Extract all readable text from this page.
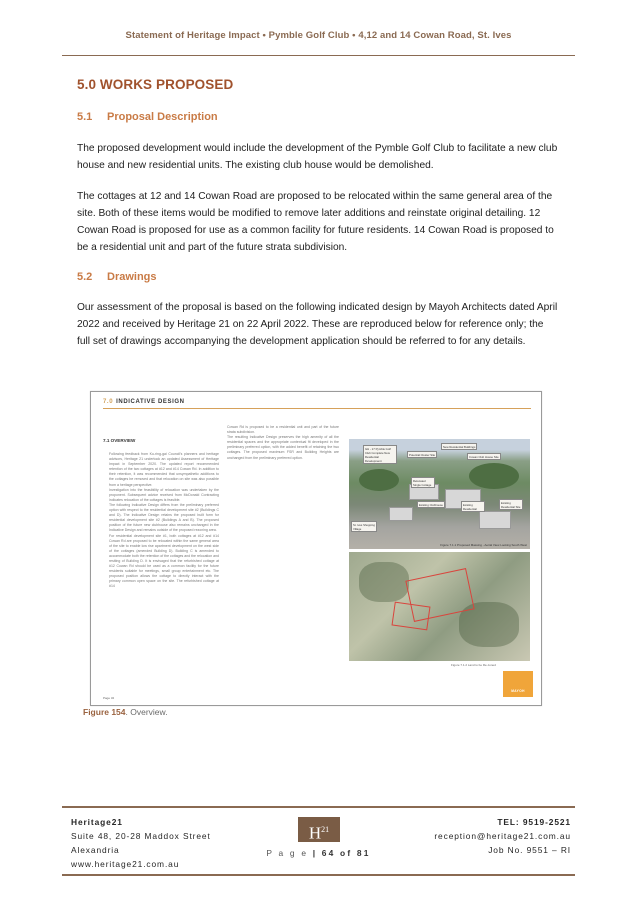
Statement of Heritage Impact • Pymble Golf Club • 4,12 and 14 Cowan Road, St. Ives
5.0 WORKS PROPOSED
5.1 Proposal Description
The proposed development would include the development of the Pymble Golf Club to facilitate a new club house and new residential units. The existing club house would be demolished.
The cottages at 12 and 14 Cowan Road are proposed to be relocated within the same general area of the site. Both of these items would be modified to remove later additions and reinstate original detailing. 12 Cowan Road is proposed for use as a common facility for future residents. 14 Cowan Road is proposed to be a residential unit and part of the future strata subdivision.
5.2 Drawings
Our assessment of the proposal is based on the following indicated design by Mayoh Architects dated April 2022 and received by Heritage 21 on 22 April 2022. These are reproduced below for reference only; the full set of drawings accompanying the development application should be referred to for any details.
7.0 INDICATIVE DESIGN
7.1 OVERVIEW
Following feedback from Ku-ring-gai Council's planners and heritage advisors, Heritage 21 undertook an updated Assessment of Heritage Impact in September 2020. The updated report recommended retention of the two cottages at #12 and #14 Cowan Rd. In addition to their retention, it was recommended that unsympathetic additions to the cottages be removed and that relocation on site was also possible from a heritage perspective.
Investigation into the feasibility of relocation was undertaken by the proponent. Subsequent advice received from McDonald Contracting indicates relocation of the cottages is feasible.
The following Indicative Design differs from the preliminary preferred option with respect to the residential development site #2 (Buildings C and D). The Indicative Design retains the proposed built form for residential development site #2 (Buildings A and B). The proposed position of the future new clubhouse also remains unchanged in the Indicative Design and remains outside of the proposed rezoning area.
For residential development site #1, both cottages at #12 and #14 Cowan Rd are proposed to be relocated within the same general area of the site to enable low rise apartment development on the west side of the cottages (amended Building D). Building C is amended to accommodate both the retention of the cottages and the relocation and resiting of Building D. It is envisaged that the refurbished cottage at #12 Cowan Rd should be used as a common facility for the future residents suitable for meetings, small group entertainment etc. The proposed position allows the cottage to directly interact with the primary common open space on the site. The refurbished cottage at #14
Cowan Rd is proposed to be a residential unit and part of the future strata subdivision.
The resulting Indicative Design preserves the high amenity of all the residential spaces and the appropriate contextual fit developed in the preliminary preferred option, with the added benefit of retaining the two cottages. The proposed maximum FSR and Building Heights are unchanged from the preliminary preferred option.
GH - 17 Pymble Golf Club Complete New Residential Development
New Residential Buildings
Potential Cluster Site	Cowan Club House Site
Relocated Single Cottage
Existing Clubhouse	Existing Residential
Existing Residential Site
St. Ives Shopping Village
Figure 7.1.1 Proposed Massing - Aerial View Looking South West
Figure 7.1.2 Land to be Re-zoned
MAYOH
Page 32
Figure 154. Overview.
Heritage21
Suite 48, 20-28 Maddox Street
Alexandria
www.heritage21.com.au
$H^{21}$
P a g e | 64 of 81
TEL: 9519-2521
reception@heritage21.com.au
Job No. 9551 – RI
